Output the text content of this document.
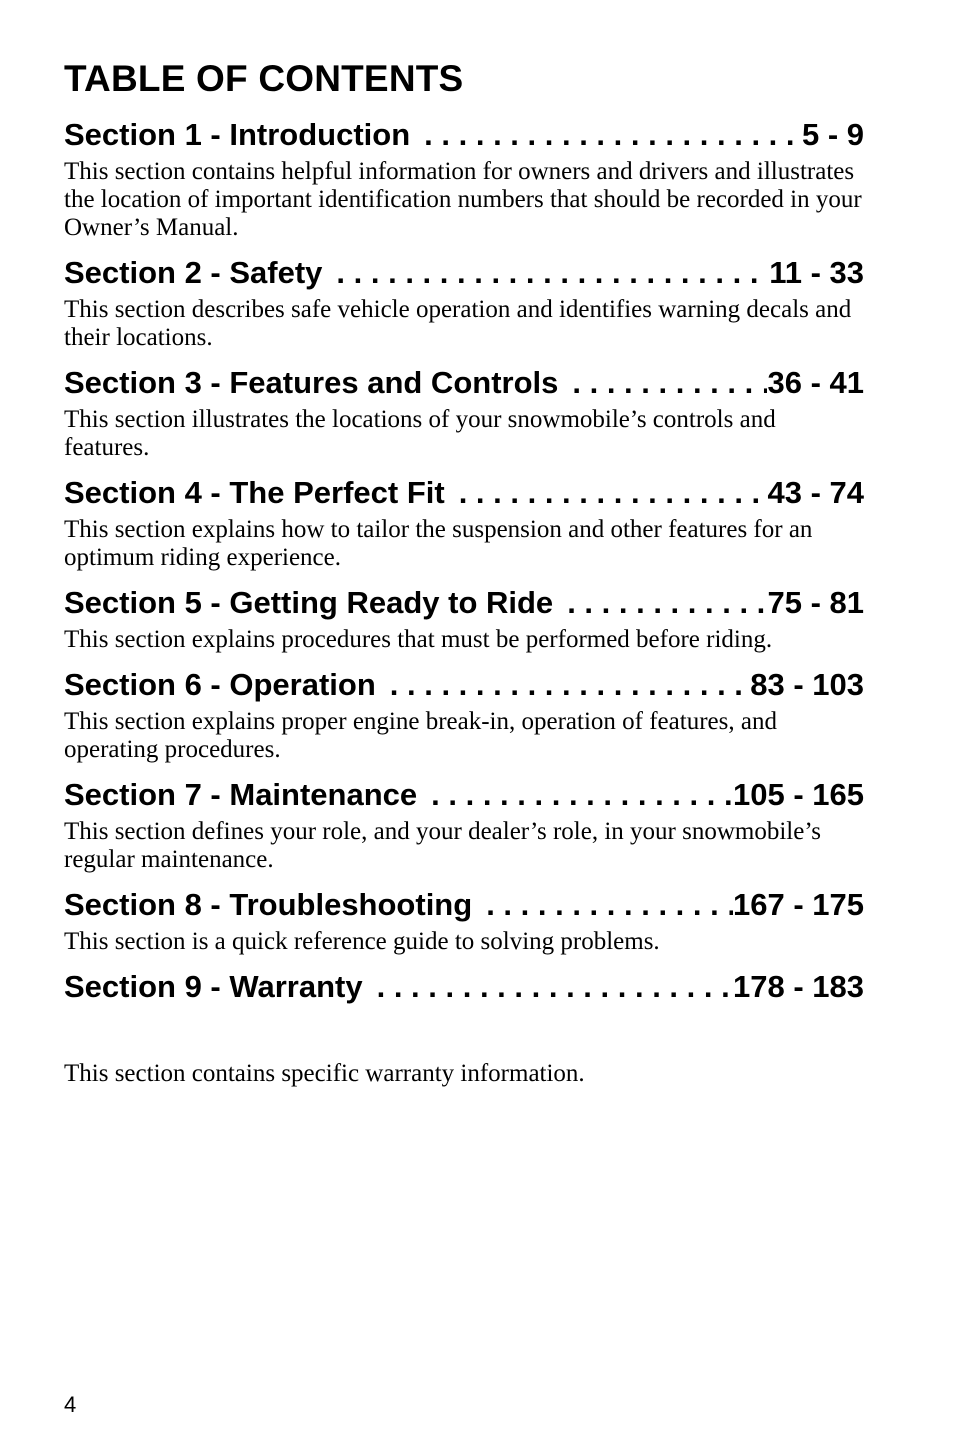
TABLE OF CONTENTS
Section 1 - Introduction . . .	5 - 9
This section contains helpful information for owners and drivers and illustrates the location of important identification numbers that should be recorded in your Owner’s Manual.
Section 2 - Safety . . .	11 - 33
This section describes safe vehicle operation and identifies warning decals and their locations.
Section 3 - Features and Controls . . .	36 - 41
This section illustrates the locations of your snowmobile’s controls and features.
Section 4 - The Perfect Fit . . .	43 - 74
This section explains how to tailor the suspension and other features for an optimum riding experience.
Section 5 - Getting Ready to Ride . . .	75 - 81
This section explains procedures that must be performed before riding.
Section 6 - Operation . . .	83 - 103
This section explains proper engine break-in, operation of features, and operating procedures.
Section 7 - Maintenance . . .	105 - 165
This section defines your role, and your dealer’s role, in your snowmobile’s regular maintenance.
Section 8 - Troubleshooting . . .	167 - 175
This section is a quick reference guide to solving problems.
Section 9 - Warranty . . .	178 - 183
This section contains specific warranty information.
4
